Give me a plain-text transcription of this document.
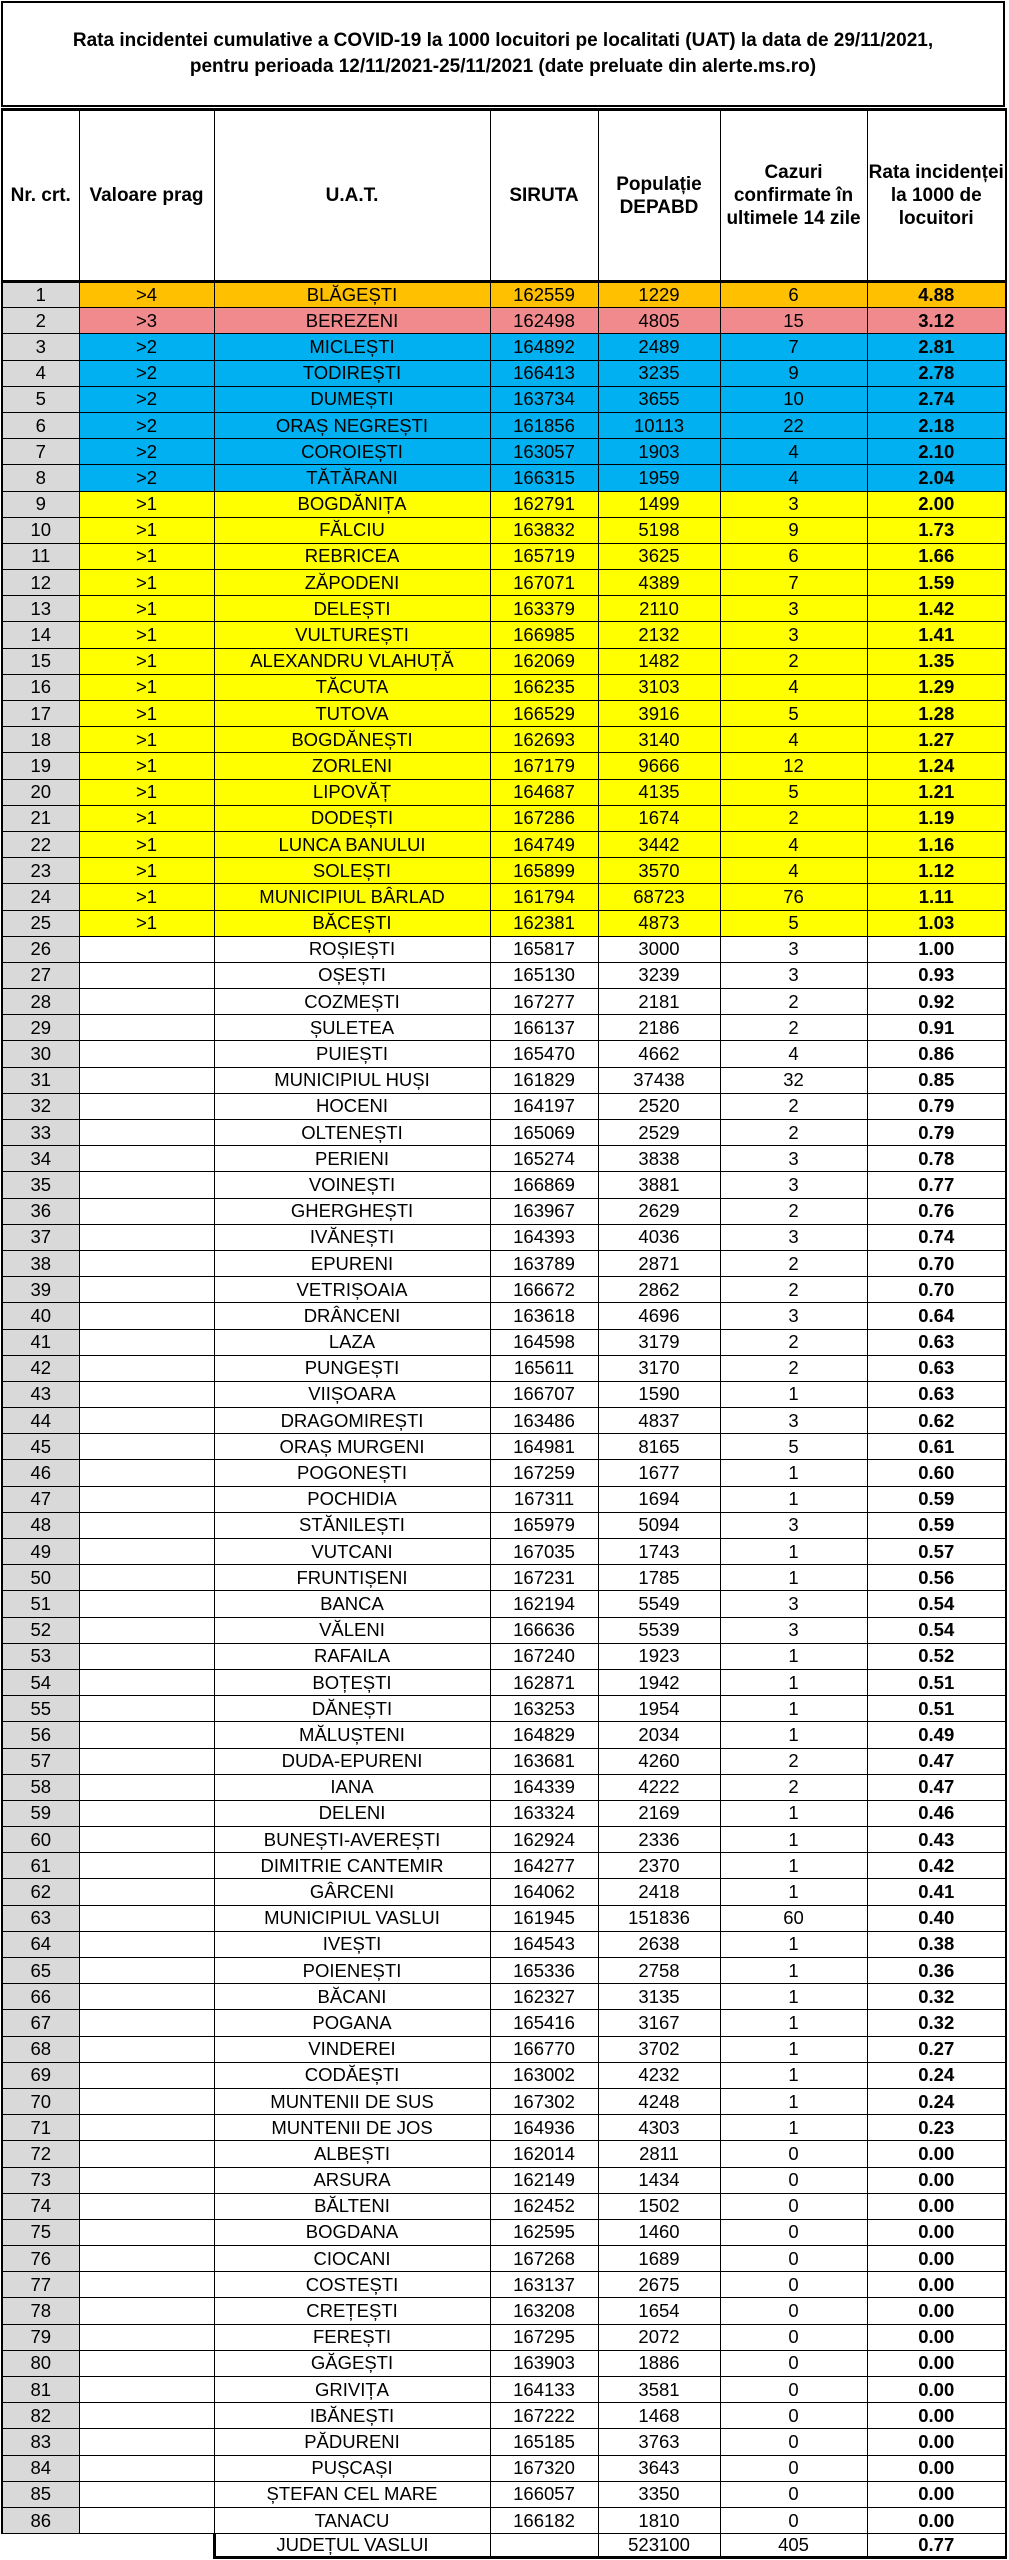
Rata incidentei cumulative a COVID-19 la 1000 locuitori pe localitati (UAT) la data de 29/11/2021,
pentru perioada 12/11/2021-25/11/2021 (date preluate din alerte.ms.ro)
Nr. crt.	Valoare prag	U.A.T.	SIRUTA	Populație DEPABD	Cazuri confirmate în ultimele 14 zile	Rata incidenței la 1000 de locuitori
1	>4	BLĂGEȘTI	162559	1229	6	4.88
2	>3	BEREZENI	162498	4805	15	3.12
3	>2	MICLEȘTI	164892	2489	7	2.81
4	>2	TODIREȘTI	166413	3235	9	2.78
5	>2	DUMEȘTI	163734	3655	10	2.74
6	>2	ORAȘ NEGREȘTI	161856	10113	22	2.18
7	>2	COROIEȘTI	163057	1903	4	2.10
8	>2	TĂTĂRANI	166315	1959	4	2.04
9	>1	BOGDĂNIȚA	162791	1499	3	2.00
10	>1	FĂLCIU	163832	5198	9	1.73
11	>1	REBRICEA	165719	3625	6	1.66
12	>1	ZĂPODENI	167071	4389	7	1.59
13	>1	DELEȘTI	163379	2110	3	1.42
14	>1	VULTUREȘTI	166985	2132	3	1.41
15	>1	ALEXANDRU VLAHUȚĂ	162069	1482	2	1.35
16	>1	TĂCUTA	166235	3103	4	1.29
17	>1	TUTOVA	166529	3916	5	1.28
18	>1	BOGDĂNEȘTI	162693	3140	4	1.27
19	>1	ZORLENI	167179	9666	12	1.24
20	>1	LIPOVĂȚ	164687	4135	5	1.21
21	>1	DODEȘTI	167286	1674	2	1.19
22	>1	LUNCA BANULUI	164749	3442	4	1.16
23	>1	SOLEȘTI	165899	3570	4	1.12
24	>1	MUNICIPIUL BÂRLAD	161794	68723	76	1.11
25	>1	BĂCEȘTI	162381	4873	5	1.03
26		ROȘIEȘTI	165817	3000	3	1.00
27		OȘEȘTI	165130	3239	3	0.93
28		COZMEȘTI	167277	2181	2	0.92
29		ȘULETEA	166137	2186	2	0.91
30		PUIEȘTI	165470	4662	4	0.86
31		MUNICIPIUL HUȘI	161829	37438	32	0.85
32		HOCENI	164197	2520	2	0.79
33		OLTENEȘTI	165069	2529	2	0.79
34		PERIENI	165274	3838	3	0.78
35		VOINEȘTI	166869	3881	3	0.77
36		GHERGHEȘTI	163967	2629	2	0.76
37		IVĂNEȘTI	164393	4036	3	0.74
38		EPURENI	163789	2871	2	0.70
39		VETRIȘOAIA	166672	2862	2	0.70
40		DRÂNCENI	163618	4696	3	0.64
41		LAZA	164598	3179	2	0.63
42		PUNGEȘTI	165611	3170	2	0.63
43		VIIȘOARA	166707	1590	1	0.63
44		DRAGOMIREȘTI	163486	4837	3	0.62
45		ORAȘ MURGENI	164981	8165	5	0.61
46		POGONEȘTI	167259	1677	1	0.60
47		POCHIDIA	167311	1694	1	0.59
48		STĂNILEȘTI	165979	5094	3	0.59
49		VUTCANI	167035	1743	1	0.57
50		FRUNTIȘENI	167231	1785	1	0.56
51		BANCA	162194	5549	3	0.54
52		VĂLENI	166636	5539	3	0.54
53		RAFAILA	167240	1923	1	0.52
54		BOȚEȘTI	162871	1942	1	0.51
55		DĂNEȘTI	163253	1954	1	0.51
56		MĂLUȘTENI	164829	2034	1	0.49
57		DUDA-EPURENI	163681	4260	2	0.47
58		IANA	164339	4222	2	0.47
59		DELENI	163324	2169	1	0.46
60		BUNEȘTI-AVEREȘTI	162924	2336	1	0.43
61		DIMITRIE CANTEMIR	164277	2370	1	0.42
62		GÂRCENI	164062	2418	1	0.41
63		MUNICIPIUL VASLUI	161945	151836	60	0.40
64		IVEȘTI	164543	2638	1	0.38
65		POIENEȘTI	165336	2758	1	0.36
66		BĂCANI	162327	3135	1	0.32
67		POGANA	165416	3167	1	0.32
68		VINDEREI	166770	3702	1	0.27
69		CODĂEȘTI	163002	4232	1	0.24
70		MUNTENII DE SUS	167302	4248	1	0.24
71		MUNTENII DE JOS	164936	4303	1	0.23
72		ALBEȘTI	162014	2811	0	0.00
73		ARSURA	162149	1434	0	0.00
74		BĂLTENI	162452	1502	0	0.00
75		BOGDANA	162595	1460	0	0.00
76		CIOCANI	167268	1689	0	0.00
77		COSTEȘTI	163137	2675	0	0.00
78		CREȚEȘTI	163208	1654	0	0.00
79		FEREȘTI	167295	2072	0	0.00
80		GĂGEȘTI	163903	1886	0	0.00
81		GRIVIȚA	164133	3581	0	0.00
82		IBĂNEȘTI	167222	1468	0	0.00
83		PĂDURENI	165185	3763	0	0.00
84		PUȘCAȘI	167320	3643	0	0.00
85		ȘTEFAN CEL MARE	166057	3350	0	0.00
86		TANACU	166182	1810	0	0.00
		JUDEȚUL VASLUI		523100	405	0.77
